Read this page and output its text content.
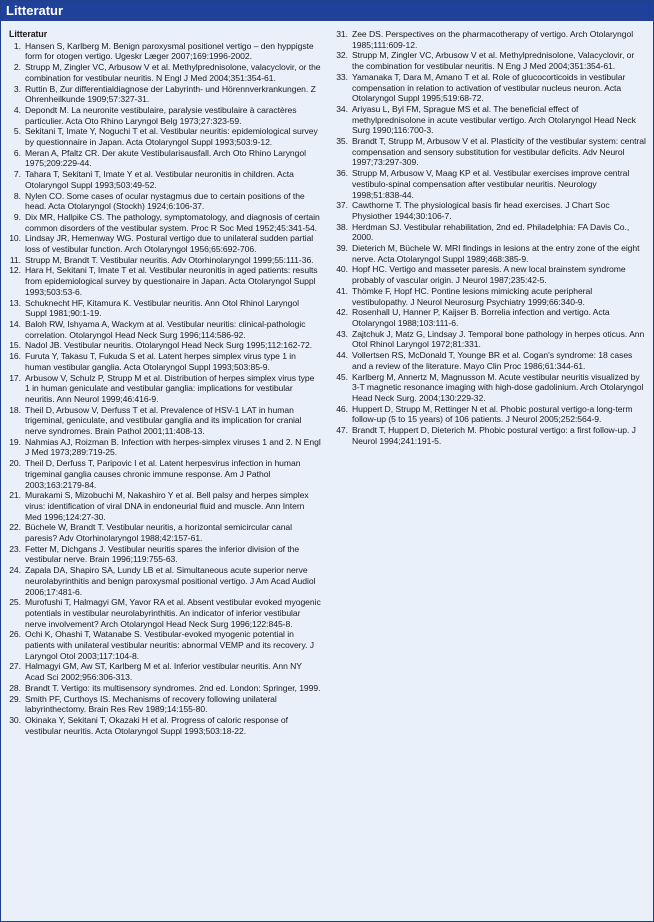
Litteratur
Litteratur
1. Hansen S, Karlberg M. Benign paroxysmal positionel vertigo – den hyppigste form for otogen vertigo. Ugeskr Læger 2007;169:1996-2002.
2. Strupp M, Zingler VC, Arbusow V et al. Methylprednisolone, valacyclovir, or the combination for vestibular neuritis. N Engl J Med 2004;351:354-61.
3. Ruttin B, Zur differentialdiagnose der Labyrinth- und Hörennverkrankungen. Z Ohrenheilkunde 1909;57:327-31.
4. Depondt M. La neuronite vestibulaire, paralysie vestibulaire à caractères particulier. Acta Oto Rhino Laryngol Belg 1973;27:323-59.
5. Sekitani T, Imate Y, Noguchi T et al. Vestibular neuritis: epidemiological survey by questionnaire in Japan. Acta Otolaryngol Suppl 1993;503:9-12.
6. Meran A, Pfaltz CR. Der akute Vestibularisausfall. Arch Oto Rhino Laryngol 1975;209:229-44.
7. Tahara T, Sekitani T, Imate Y et al. Vestibular neuronitis in children. Acta Otolaryngol Suppl 1993;503:49-52.
8. Nylen CO. Some cases of ocular nystagmus due to certain positions of the head. Acta Otolaryngol (Stockh) 1924;6:106-37.
9. Dix MR, Hallpike CS. The pathology, symptomatology, and diagnosis of certain common disorders of the vestibular system. Proc R Soc Med 1952;45:341-54.
10. Lindsay JR, Hemenway WG. Postural vertigo due to unilateral sudden partial loss of vestibular function. Arch Otolaryngol 1956;65:692-706.
11. Strupp M, Brandt T. Vestibular neuritis. Adv Otorhinolaryngol 1999;55:111-36.
12. Hara H, Sekitani T, Imate T et al. Vestibular neuronitis in aged patients: results from epidemiological survey by questionaire in Japan. Acta Otolaryngol Suppl 1993;503:53-6.
13. Schuknecht HF, Kitamura K. Vestibular neuritis. Ann Otol Rhinol Laryngol Suppl 1981;90:1-19.
14. Baloh RW, Ishyama A, Wackym at al. Vestibular neuritis: clinical-pathologic correlation. Otolaryngol Head Neck Surg 1996;114:586-92.
15. Nadol JB. Vestibular neuritis. Otolaryngol Head Neck Surg 1995;112:162-72.
16. Furuta Y, Takasu T, Fukuda S et al. Latent herpes simplex virus type 1 in human vestibular ganglia. Acta Otolaryngol Suppl 1993;503:85-9.
17. Arbusow V, Schulz P, Strupp M et al. Distribution of herpes simplex virus type 1 in human geniculate and vestibular ganglia: implications for vestibular neuritis. Ann Neurol 1999;46:416-9.
18. Theil D, Arbusow V, Derfuss T et al. Prevalence of HSV-1 LAT in human trigeminal, geniculate, and vestibular ganglia and its implication for cranial nerve syndromes. Brain Pathol 2001;11:408-13.
19. Nahmias AJ, Roizman B. Infection with herpes-simplex viruses 1 and 2. N Engl J Med 1973;289:719-25.
20. Theil D, Derfuss T, Paripovic I et al. Latent herpesvirus infection in human trigeminal ganglia causes chronic immune response. Am J Pathol 2003;163:2179-84.
21. Murakami S, Mizobuchi M, Nakashiro Y et al. Bell palsy and herpes simplex virus: identification of viral DNA in endoneurial fluid and muscle. Ann Intern Med 1996;124:27-30.
22. Büchele W, Brandt T. Vestibular neuritis, a horizontal semicircular canal paresis? Adv Otorhinolaryngol 1988;42:157-61.
23. Fetter M, Dichgans J. Vestibular neuritis spares the inferior division of the vestibular nerve. Brain 1996;119:755-63.
24. Zapala DA, Shapiro SA, Lundy LB et al. Simultaneous acute superior nerve neurolabyrinthitis and benign paroxysmal positional vertigo. J Am Acad Audiol 2006;17:481-6.
25. Murofushi T, Halmagyi GM, Yavor RA et al. Absent vestibular evoked myogenic potentials in vestibular neurolabyrinthitis. An indicator of inferior vestibular nerve involvement? Arch Otolaryngol Head Neck Surg 1996;122:845-8.
26. Ochi K, Ohashi T, Watanabe S. Vestibular-evoked myogenic potential in patients with unilateral vestibular neuritis: abnormal VEMP and its recovery. J Laryngol Otol 2003;117:104-8.
27. Halmagyi GM, Aw ST, Karlberg M et al. Inferior vestibular neuritis. Ann NY Acad Sci 2002;956:306-313.
28. Brandt T. Vertigo: its multisensory syndromes. 2nd ed. London: Springer, 1999.
29. Smith PF, Curthoys IS. Mechanisms of recovery following unilateral labyrinthectomy. Brain Res Rev 1989;14:155-80.
30. Okinaka Y, Sekitani T, Okazaki H et al. Progress of caloric response of vestibular neuritis. Acta Otolaryngol Suppl 1993;503:18-22.
31. Zee DS. Perspectives on the pharmacotherapy of vertigo. Arch Otolaryngol 1985;111:609-12.
32. Strupp M, Zingler VC, Arbusow V et al. Methylprednisolone, Valacyclovir, or the combination for vestibular neuritis. N Eng J Med 2004;351:354-61.
33. Yamanaka T, Dara M, Amano T et al. Role of glucocorticoids in vestibular compensation in relation to activation of vestibular nucleus neuron. Acta Otolaryngol Suppl 1995;519:68-72.
34. Ariyasu L, Byl FM, Sprague MS et al. The beneficial effect of methylprednisolone in acute vestibular vertigo. Arch Otolaryngol Head Neck Surg 1990;116:700-3.
35. Brandt T, Strupp M, Arbusow V et al. Plasticity of the vestibular system: central compensation and sensory substitution for vestibular deficits. Adv Neurol 1997;73:297-309.
36. Strupp M, Arbusow V, Maag KP et al. Vestibular exercises improve central vestibulo-spinal compensation after vestibular neuritis. Neurology 1998;51:838-44.
37. Cawthorne T. The physiological basis fir head exercises. J Chart Soc Physiother 1944;30:106-7.
38. Herdman SJ. Vestibular rehabilitation, 2nd ed. Philadelphia: FA Davis Co., 2000.
39. Dieterich M, Büchele W. MRI findings in lesions at the entry zone of the eight nerve. Acta Otolaryngol Suppl 1989;468:385-9.
40. Hopf HC. Vertigo and masseter paresis. A new local brainstem syndrome probably of vascular origin. J Neurol 1987;235:42-5.
41. Thömke F, Hopf HC. Pontine lesions mimicking acute peripheral vestibulopathy. J Neurol Neurosurg Psychiatry 1999;66:340-9.
42. Rosenhall U, Hanner P, Kaijser B. Borrelia infection and vertigo. Acta Otolaryngol 1988;103:111-6.
43. Zajtchuk J, Matz G, Lindsay J. Temporal bone pathology in herpes oticus. Ann Otol Rhinol Laryngol 1972;81:331.
44. Vollertsen RS, McDonald T, Younge BR et al. Cogan's syndrome: 18 cases and a review of the literature. Mayo Clin Proc 1986;61:344-61.
45. Karlberg M, Annertz M, Magnusson M. Acute vestibular neuritis visualized by 3-T magnetic resonance imaging with high-dose gadolinium. Arch Otolaryngol Head Neck Surg. 2004;130:229-32.
46. Huppert D, Strupp M, Rettinger N et al. Phobic postural vertigo-a long-term follow-up (5 to 15 years) of 106 patients. J Neurol 2005;252:564-9.
47. Brandt T, Huppert D, Dieterich M. Phobic postural vertigo: a first follow-up. J Neurol 1994;241:191-5.
